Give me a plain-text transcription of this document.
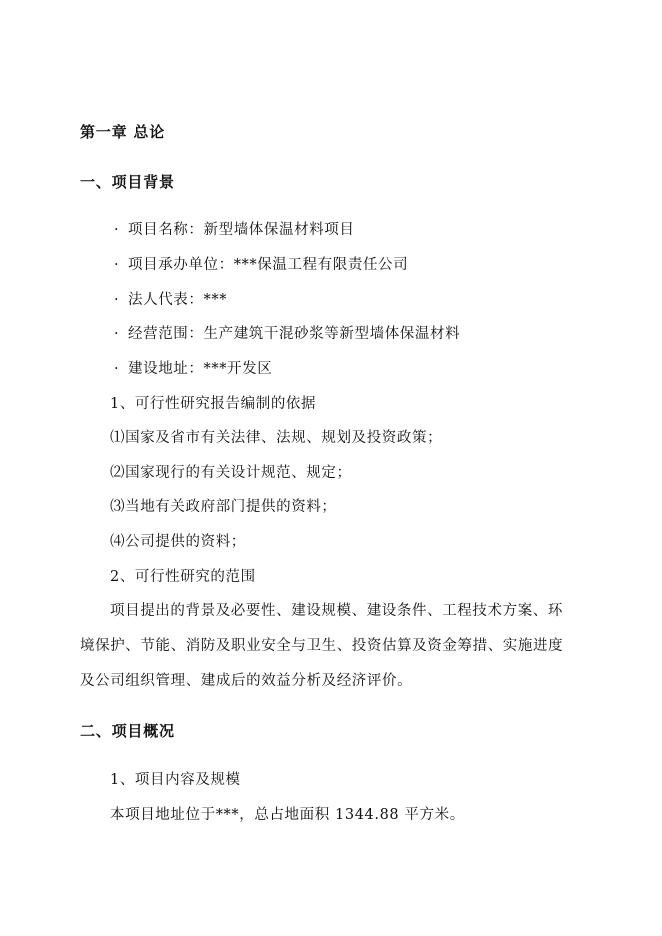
第一章 总论
一、项目背景
· 项目名称：新型墙体保温材料项目
· 项目承办单位：***保温工程有限责任公司
· 法人代表：***
· 经营范围：生产建筑干混砂浆等新型墙体保温材料
· 建设地址：***开发区
1、可行性研究报告编制的依据
⑴国家及省市有关法律、法规、规划及投资政策；
⑵国家现行的有关设计规范、规定；
⑶当地有关政府部门提供的资料；
⑷公司提供的资料；
2、可行性研究的范围
项目提出的背景及必要性、建设规模、建设条件、工程技术方案、环
境保护、节能、消防及职业安全与卫生、投资估算及资金筹措、实施进度
及公司组织管理、建成后的效益分析及经济评价。
二、项目概况
1、项目内容及规模
本项目地址位于***，总占地面积 1344.88 平方米。
